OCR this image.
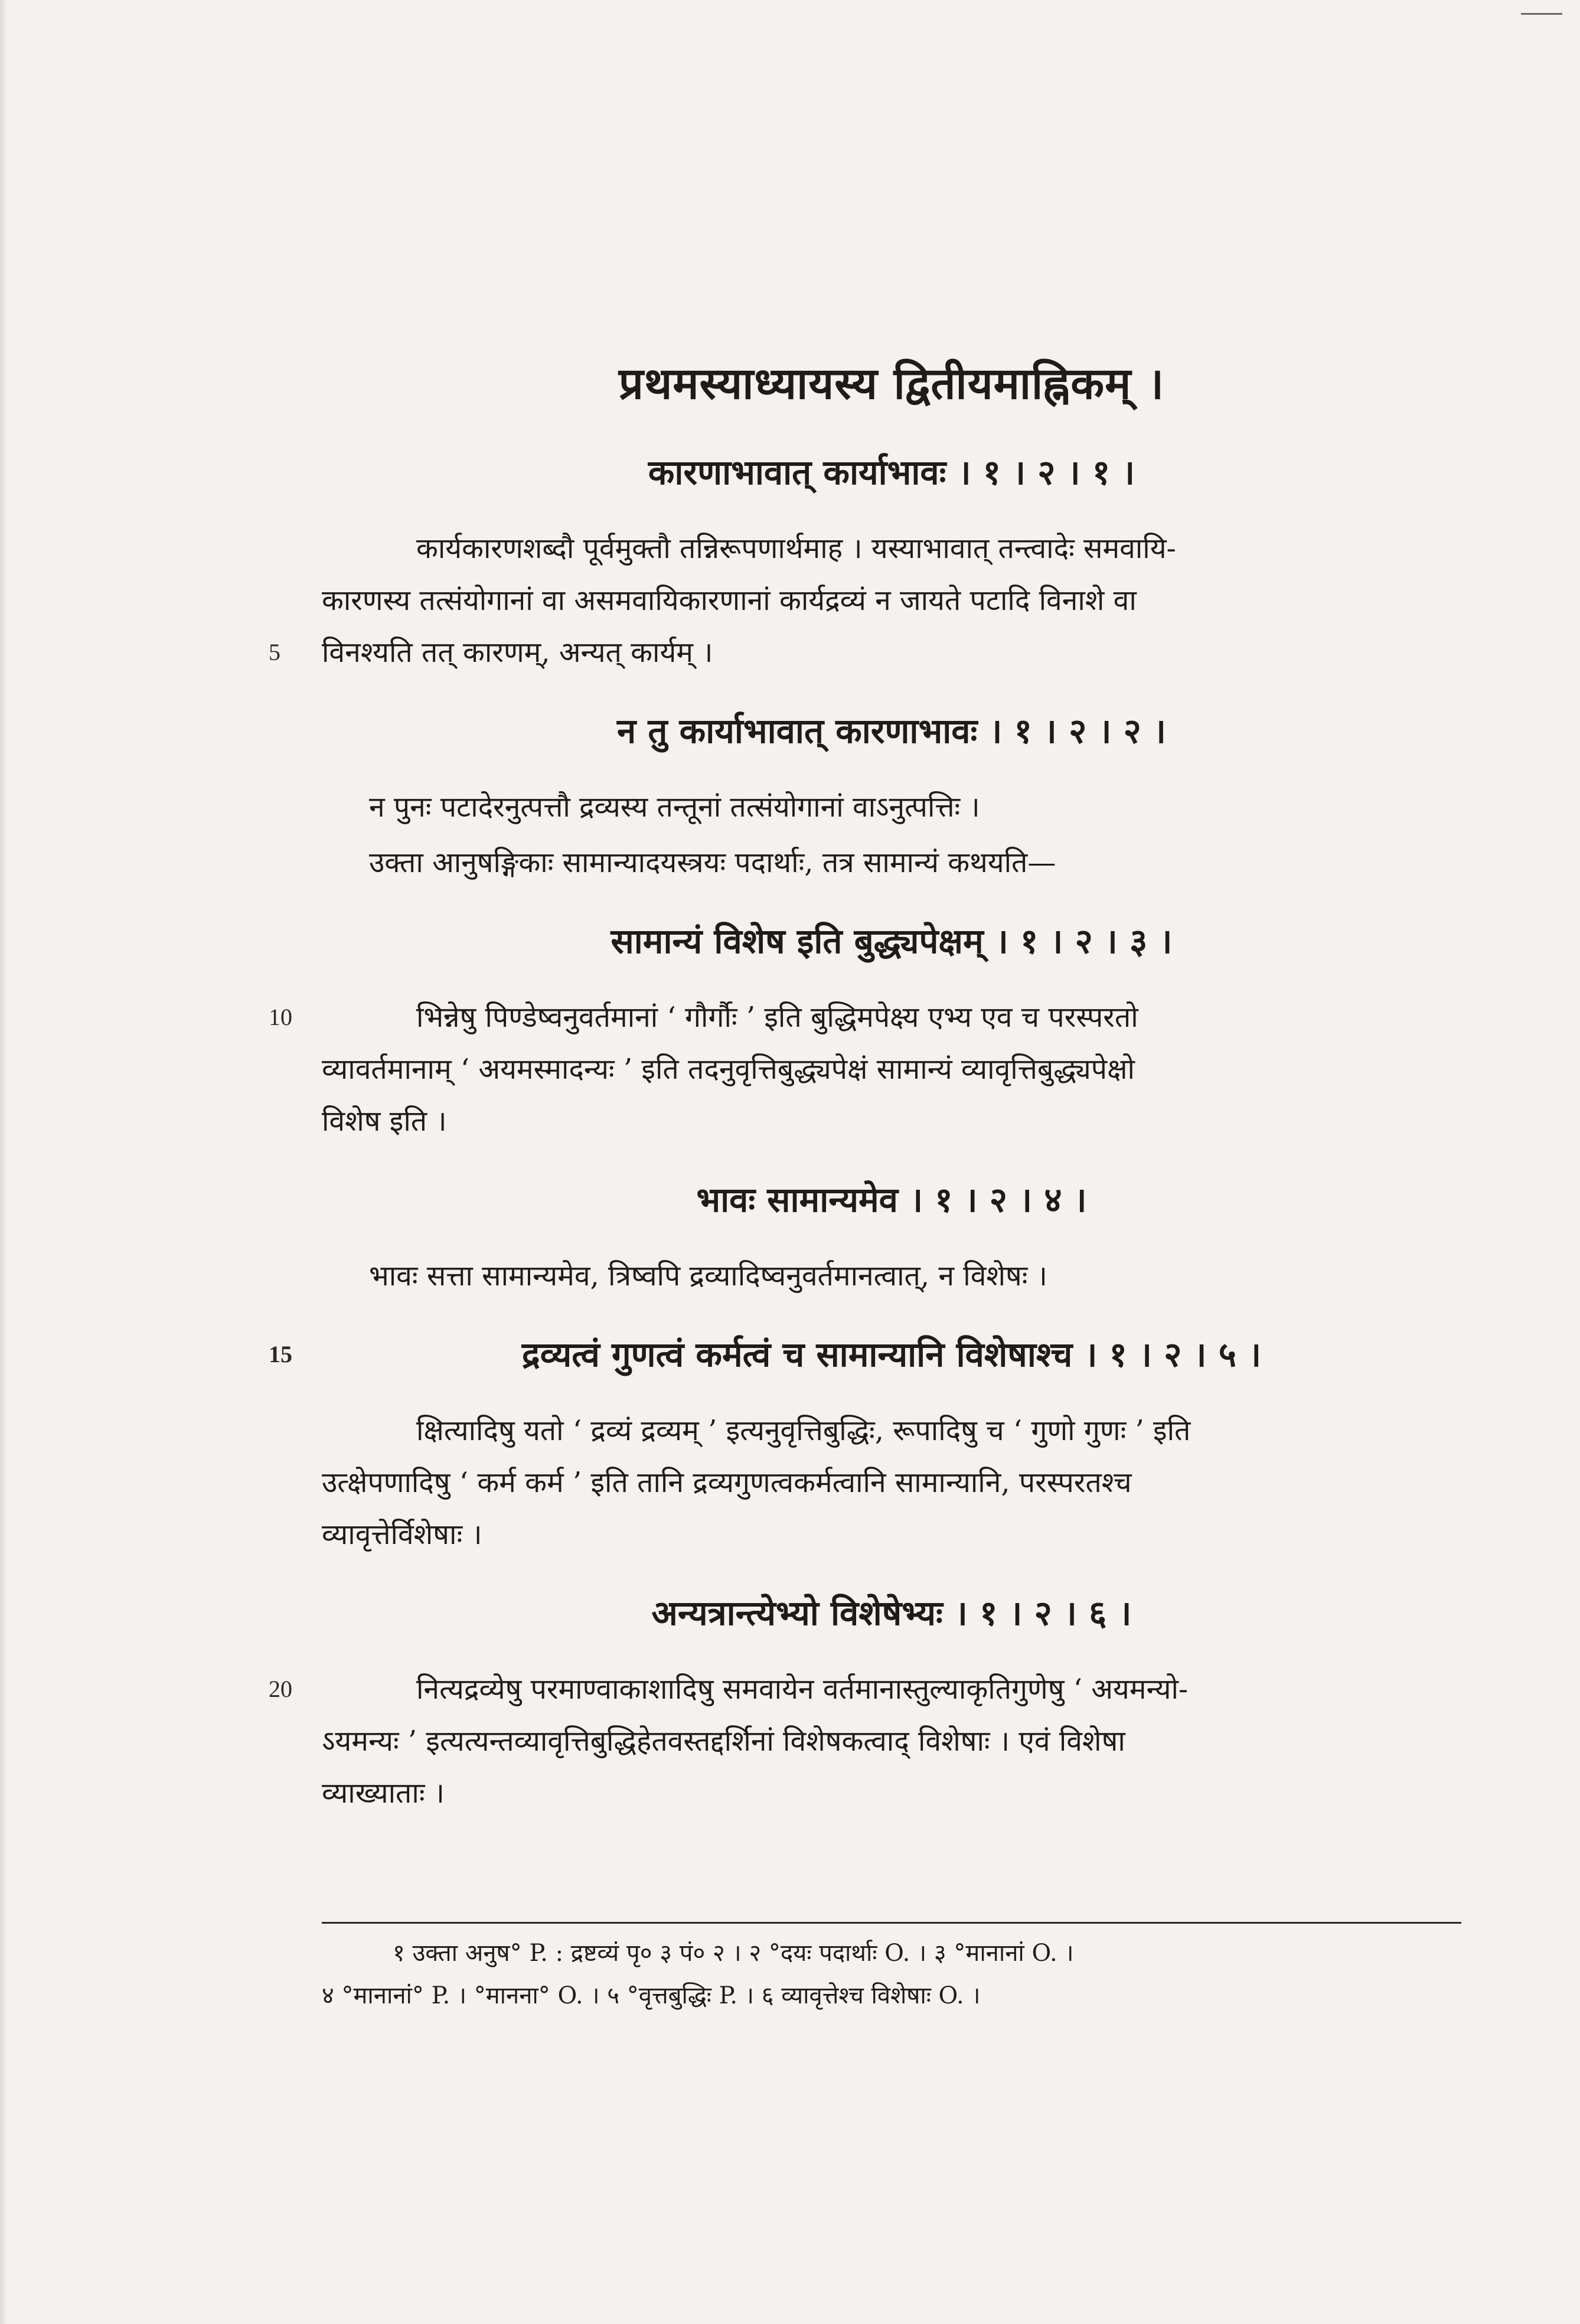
प्रथमस्याध्यायस्य द्वितीयमाह्निकम् ।
कारणाभावात् कार्याभावः । १ । २ । १ ।
कार्यकारणशब्दौ पूर्वमुक्तौ तन्निरूपणार्थमाह । यस्याभावात् तन्त्वादेः समवायि-
कारणस्य तत्संयोगानां वा असमवायिकारणानां कार्यद्रव्यं न जायते पटादि विनाशे वा
विनश्यति तत् कारणम्, अन्यत् कार्यम् ।
5
न तु कार्याभावात् कारणाभावः । १ । २ । २ ।
न पुनः पटादेरनुत्पत्तौ द्रव्यस्य तन्तूनां तत्संयोगानां वाऽनुत्पत्तिः ।
उक्ता आनुषङ्गिकाः सामान्यादयस्त्रयः पदार्थाः, तत्र सामान्यं कथयति—
सामान्यं विशेष इति बुद्ध्यपेक्षम् । १ । २ । ३ ।
भिन्नेषु पिण्डेष्वनुवर्तमानां ‘ गौर्गौः ’ इति बुद्धिमपेक्ष्य एभ्य एव च परस्परतो
व्यावर्तमानाम् ‘ अयमस्मादन्यः ’ इति तदनुवृत्तिबुद्ध्यपेक्षं सामान्यं व्यावृत्तिबुद्ध्यपेक्षो
विशेष इति ।
10
भावः सामान्यमेव । १ । २ । ४ ।
भावः सत्ता सामान्यमेव, त्रिष्वपि द्रव्यादिष्वनुवर्तमानत्वात्, न विशेषः ।
द्रव्यत्वं गुणत्वं कर्मत्वं च सामान्यानि विशेषाश्च । १ । २ । ५ ।
15
क्षित्यादिषु यतो ‘ द्रव्यं द्रव्यम् ’ इत्यनुवृत्तिबुद्धिः, रूपादिषु च ‘ गुणो गुणः ’ इति
उत्क्षेपणादिषु ‘ कर्म कर्म ’ इति तानि द्रव्यगुणत्वकर्मत्वानि सामान्यानि, परस्परतश्च
व्यावृत्तेर्विशेषाः ।
अन्यत्रान्त्येभ्यो विशेषेभ्यः । १ । २ । ६ ।
नित्यद्रव्येषु परमाण्वाकाशादिषु समवायेन वर्तमानास्तुल्याकृतिगुणेषु ‘ अयमन्यो-
ऽयमन्यः ’ इत्यत्यन्तव्यावृत्तिबुद्धिहेतवस्तद्दर्शिनां विशेषकत्वाद् विशेषाः । एवं विशेषा
व्याख्याताः ।
20
१ उक्ता अनुष° P. : द्रष्टव्यं पृ० ३ पं० २ । २ °दयः पदार्थाः O. । ३ °मानानां O. ।
४ °मानानां° P. । °मानना° O. । ५ °वृत्तबुद्धिः P. । ६ व्यावृत्तेश्च विशेषाः O. ।
